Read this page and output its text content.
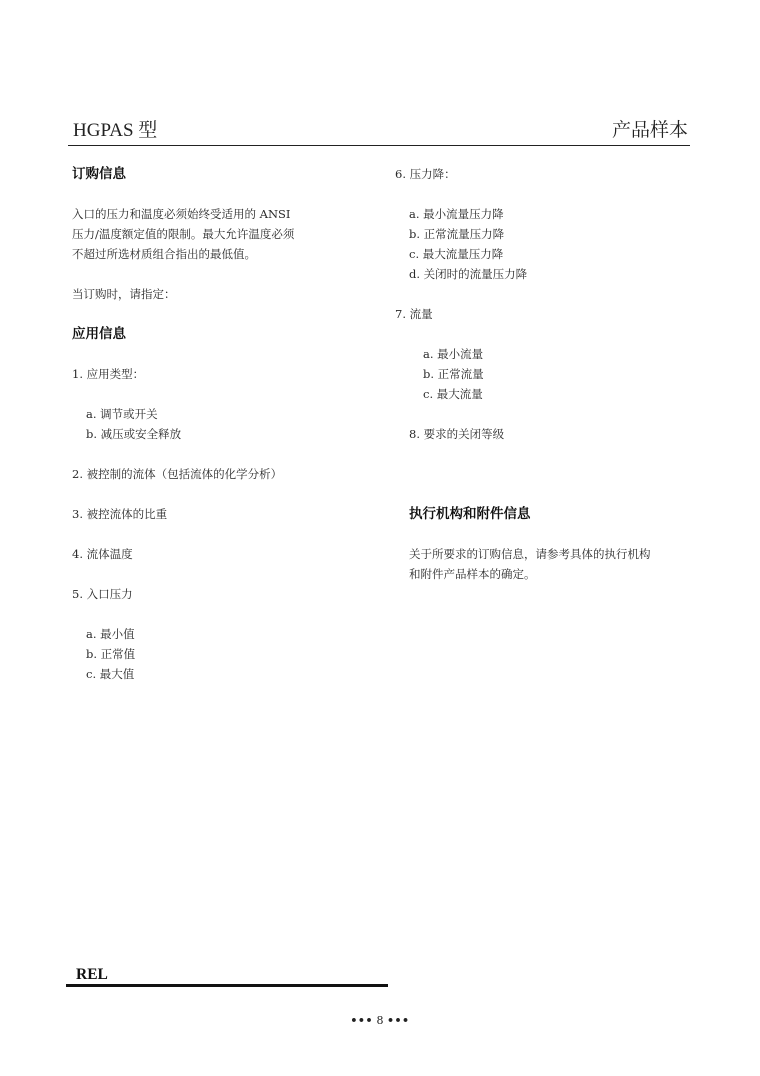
HGPAS 型	产品样本

订购信息

入口的压力和温度必须始终受适用的 ANSI

压力/温度额定值的限制。最大允许温度必须

不超过所选材质组合指出的最低值。

当订购时，请指定：

应用信息

1. 应用类型：

a. 调节或开关

b. 减压或安全释放

2. 被控制的流体（包括流体的化学分析）

3. 被控流体的比重

4. 流体温度

5. 入口压力

a. 最小值

b. 正常值

c. 最大值

6. 压力降：

a. 最小流量压力降

b. 正常流量压力降

c. 最大流量压力降

d. 关闭时的流量压力降

7. 流量

a. 最小流量

b. 正常流量

c. 最大流量

8. 要求的关闭等级

执行机构和附件信息

关于所要求的订购信息，请参考具体的执行机构

和附件产品样本的确定。

REL
••• 8 •••
